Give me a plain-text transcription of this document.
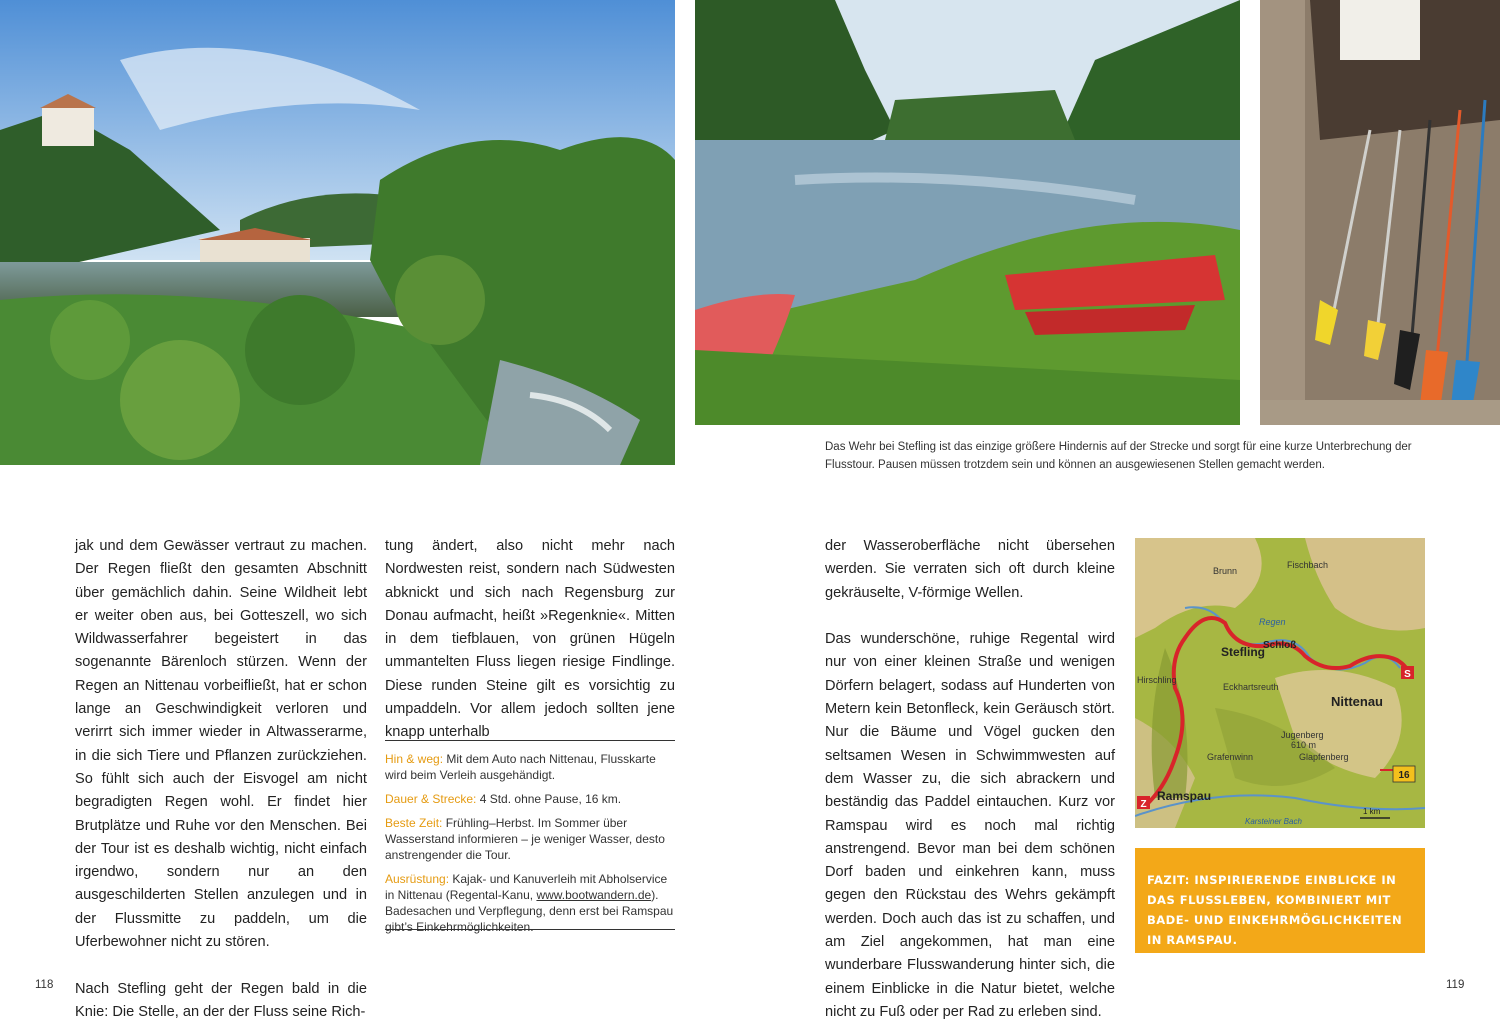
Das Wehr bei Stefling ist das einzige größere Hindernis auf der Strecke und sorgt für eine kurze Unterbrechung der Flusstour. Pausen müssen trotzdem sein und können an ausgewiesenen Stellen gemacht werden.

jak und dem Gewässer vertraut zu machen. Der Regen fließt den gesamten Abschnitt über gemächlich dahin. Seine Wildheit lebt er weiter oben aus, bei Gotteszell, wo sich Wildwasserfahrer begeistert in das sogenannte Bärenloch stürzen. Wenn der Regen an Nittenau vorbeifließt, hat er schon lange an Geschwindigkeit verloren und verirrt sich immer wieder in Altwasserarme, in die sich Tiere und Pflanzen zurückziehen. So fühlt sich auch der Eisvogel am nicht begradigten Regen wohl. Er findet hier Brutplätze und Ruhe vor den Menschen. Bei der Tour ist es deshalb wichtig, nicht einfach irgendwo, sondern nur an den ausgeschilderten Stellen anzulegen und in der Flussmitte zu paddeln, um die Uferbewohner nicht zu stören.

Nach Stefling geht der Regen bald in die Knie: Die Stelle, an der der Fluss seine Rich-

tung ändert, also nicht mehr nach Nordwesten reist, sondern nach Südwesten abknickt und sich nach Regensburg zur Donau aufmacht, heißt »Regenknie«. Mitten in dem tiefblauen, von grünen Hügeln ummantelten Fluss liegen riesige Findlinge. Diese runden Steine gilt es vorsichtig zu umpaddeln. Vor allem jedoch sollten jene knapp unterhalb

Hin & weg: Mit dem Auto nach Nittenau, Flusskarte wird beim Verleih ausgehändigt.
Dauer & Strecke: 4 Std. ohne Pause, 16 km.
Beste Zeit: Frühling–Herbst. Im Sommer über Wasserstand informieren – je weniger Wasser, desto anstrengender die Tour.
Ausrüstung: Kajak- und Kanuverleih mit Abholservice in Nittenau (Regental-Kanu, www.bootwandern.de). Badesachen und Verpflegung, denn erst bei Ramspau gibt’s Einkehrmöglichkeiten.

der Wasseroberfläche nicht übersehen werden. Sie verraten sich oft durch kleine gekräuselte, V-förmige Wellen.

Das wunderschöne, ruhige Regental wird nur von einer kleinen Straße und wenigen Dörfern belagert, sodass auf Hunderten von Metern kein Betonfleck, kein Geräusch stört. Nur die Bäume und Vögel gucken den seltsamen Wesen in Schwimmwesten auf dem Wasser zu, die sich abrackern und beständig das Paddel eintauchen. Kurz vor Ramspau wird es noch mal richtig anstrengend. Bevor man bei dem schönen Dorf baden und einkehren kann, muss gegen den Rückstau des Wehrs gekämpft werden. Doch auch das ist zu schaffen, und am Ziel angekommen, hat man eine wunderbare Flusswanderung hinter sich, die einem Einblicke in die Natur bietet, welche nicht zu Fuß oder per Rad zu erleben sind.

16
S
Z
Brunn
Fischbach
Regen
Schloß
Stefling
Hirschling
Eckhartsreuth
Nittenau
Jugenberg
610 m
Grafenwinn	Glapfenberg
Ramspau
Karsteiner Bach
1 km
FAZIT: INSPIRIERENDE EINBLICKE IN DAS FLUSSLEBEN, KOMBINIERT MIT BADE- UND EINKEHRMÖGLICHKEITEN IN RAMSPAU.
118	119
